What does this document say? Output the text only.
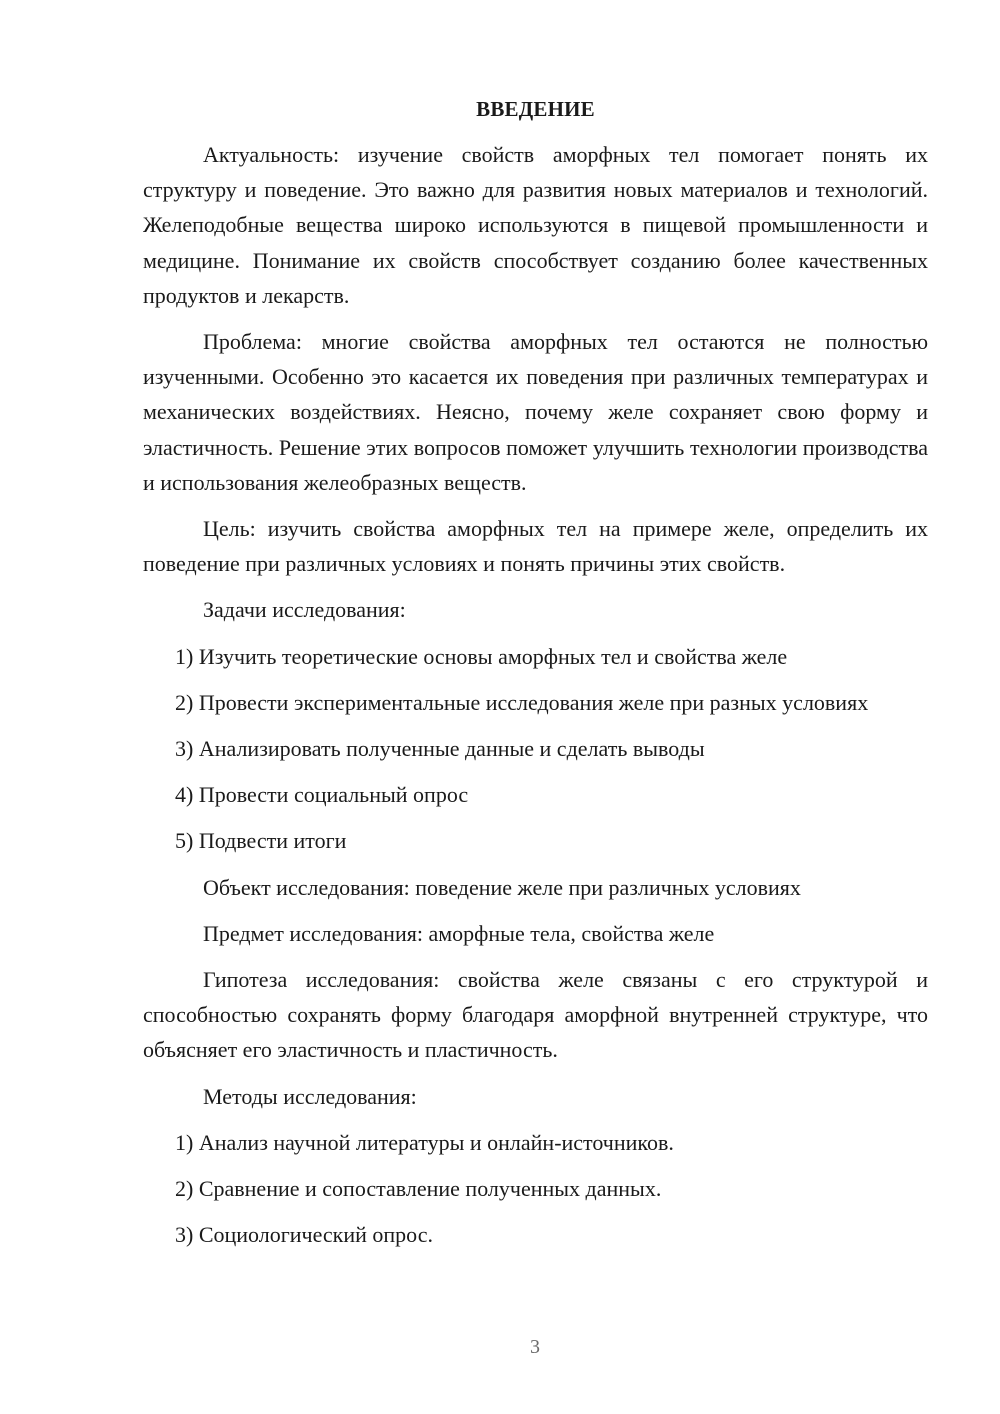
ВВЕДЕНИЕ

Актуальность: изучение свойств аморфных тел помогает понять их структуру и поведение. Это важно для развития новых материалов и технологий. Желеподобные вещества широко используются в пищевой промышленности и медицине. Понимание их свойств способствует созданию более качественных продуктов и лекарств.

Проблема: многие свойства аморфных тел остаются не полностью изученными. Особенно это касается их поведения при различных температурах и механических воздействиях. Неясно, почему желе сохраняет свою форму и эластичность. Решение этих вопросов поможет улучшить технологии производства и использования желеобразных веществ.

Цель: изучить свойства аморфных тел на примере желе, определить их поведение при различных условиях и понять причины этих свойств.

Задачи исследования:

1) Изучить теоретические основы аморфных тел и свойства желе

2) Провести экспериментальные исследования желе при разных условиях

3) Анализировать полученные данные и сделать выводы

4) Провести социальный опрос

5) Подвести итоги

Объект исследования: поведение желе при различных условиях

Предмет исследования: аморфные тела, свойства желе

Гипотеза исследования: свойства желе связаны с его структурой и способностью сохранять форму благодаря аморфной внутренней структуре, что объясняет его эластичность и пластичность.

Методы исследования:

1) Анализ научной литературы и онлайн-источников.

2) Сравнение и сопоставление полученных данных.

3) Социологический опрос.

3
